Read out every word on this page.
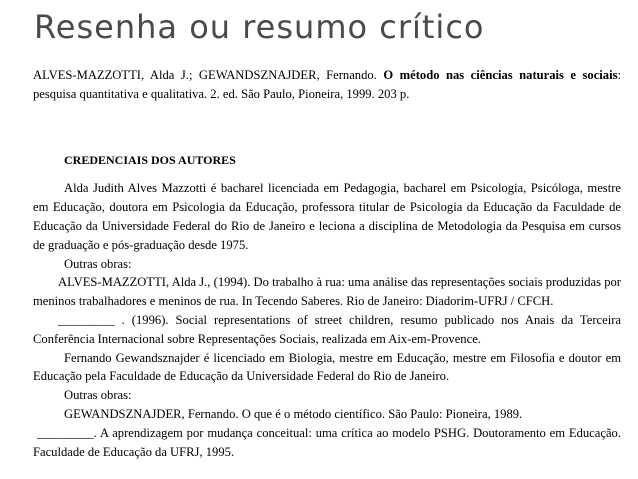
Resenha ou resumo crítico

ALVES-MAZZOTTI, Alda J.; GEWANDSZNAJDER, Fernando. O método nas ciências naturais e sociais: pesquisa quantitativa e qualitativa. 2. ed. São Paulo, Pioneira, 1999. 203 p.

CREDENCIAIS DOS AUTORES

Alda Judith Alves Mazzotti é bacharel licenciada em Pedagogia, bacharel em Psicologia, Psicóloga, mestre em Educação, doutora em Psicologia da Educação, professora titular de Psicologia da Educação da Faculdade de Educação da Universidade Federal do Rio de Janeiro e leciona a disciplina de Metodologia da Pesquisa em cursos de graduação e pós-graduação desde 1975.

Outras obras:

ALVES-MAZZOTTI, Alda J., (1994). Do trabalho à rua: uma análise das representações sociais produzidas por meninos trabalhadores e meninos de rua. In Tecendo Saberes. Rio de Janeiro: Diadorim-UFRJ / CFCH.

_________ . (1996). Social representations of street children, resumo publicado nos Anais da Terceira Conferência Internacional sobre Representações Sociais, realizada em Aix-em-Provence.

Fernando Gewandsznajder é licenciado em Biologia, mestre em Educação, mestre em Filosofia e doutor em Educação pela Faculdade de Educação da Universidade Federal do Rio de Janeiro.

Outras obras:

GEWANDSZNAJDER, Fernando. O que é o método científico. São Paulo: Pioneira, 1989.

_________. A aprendizagem por mudança conceitual: uma crítica ao modelo PSHG. Doutoramento em Educação. Faculdade de Educação da UFRJ, 1995.
